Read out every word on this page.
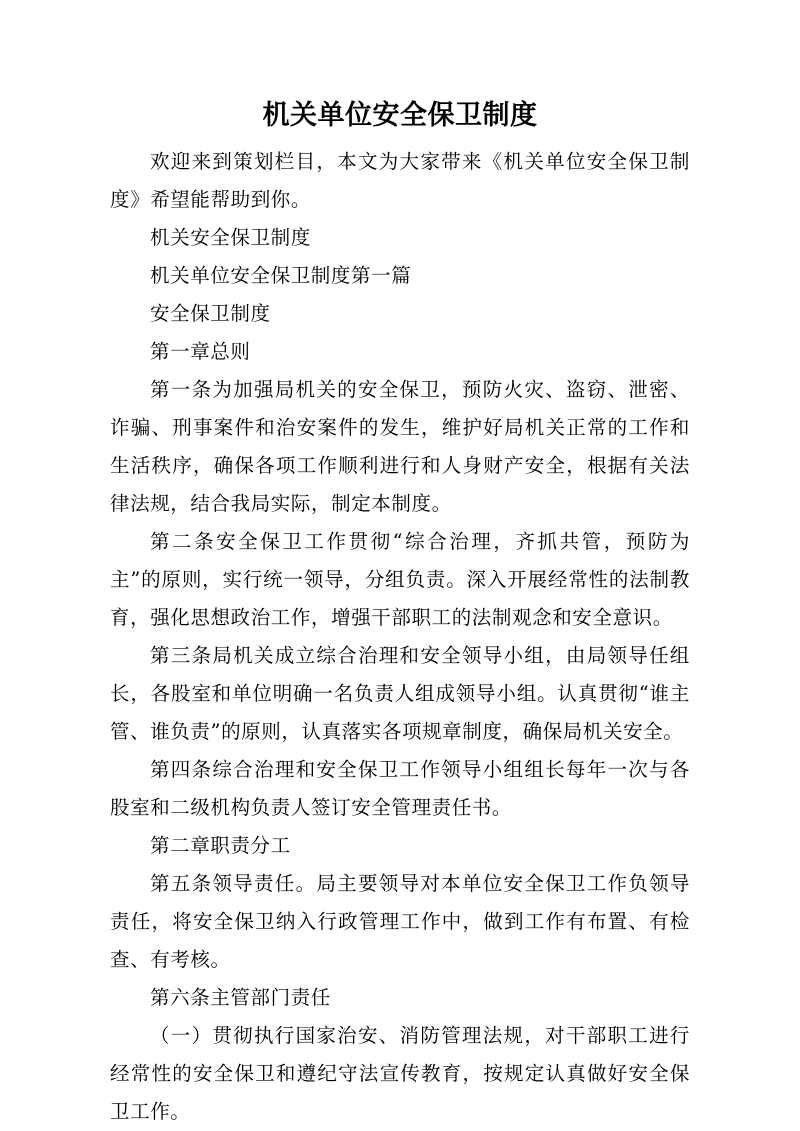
机关单位安全保卫制度

欢迎来到策划栏目，本文为大家带来《机关单位安全保卫制度》希望能帮助到你。

机关安全保卫制度

机关单位安全保卫制度第一篇

安全保卫制度

第一章总则

第一条为加强局机关的安全保卫，预防火灾、盗窃、泄密、诈骗、刑事案件和治安案件的发生，维护好局机关正常的工作和生活秩序，确保各项工作顺利进行和人身财产安全，根据有关法律法规，结合我局实际，制定本制度。

第二条安全保卫工作贯彻“综合治理，齐抓共管，预防为主”的原则，实行统一领导，分组负责。深入开展经常性的法制教育，强化思想政治工作，增强干部职工的法制观念和安全意识。

第三条局机关成立综合治理和安全领导小组，由局领导任组长，各股室和单位明确一名负责人组成领导小组。认真贯彻“谁主管、谁负责”的原则，认真落实各项规章制度，确保局机关安全。

第四条综合治理和安全保卫工作领导小组组长每年一次与各股室和二级机构负责人签订安全管理责任书。

第二章职责分工

第五条领导责任。局主要领导对本单位安全保卫工作负领导责任，将安全保卫纳入行政管理工作中，做到工作有布置、有检查、有考核。

第六条主管部门责任

（一）贯彻执行国家治安、消防管理法规，对干部职工进行经常性的安全保卫和遵纪守法宣传教育，按规定认真做好安全保卫工作。
